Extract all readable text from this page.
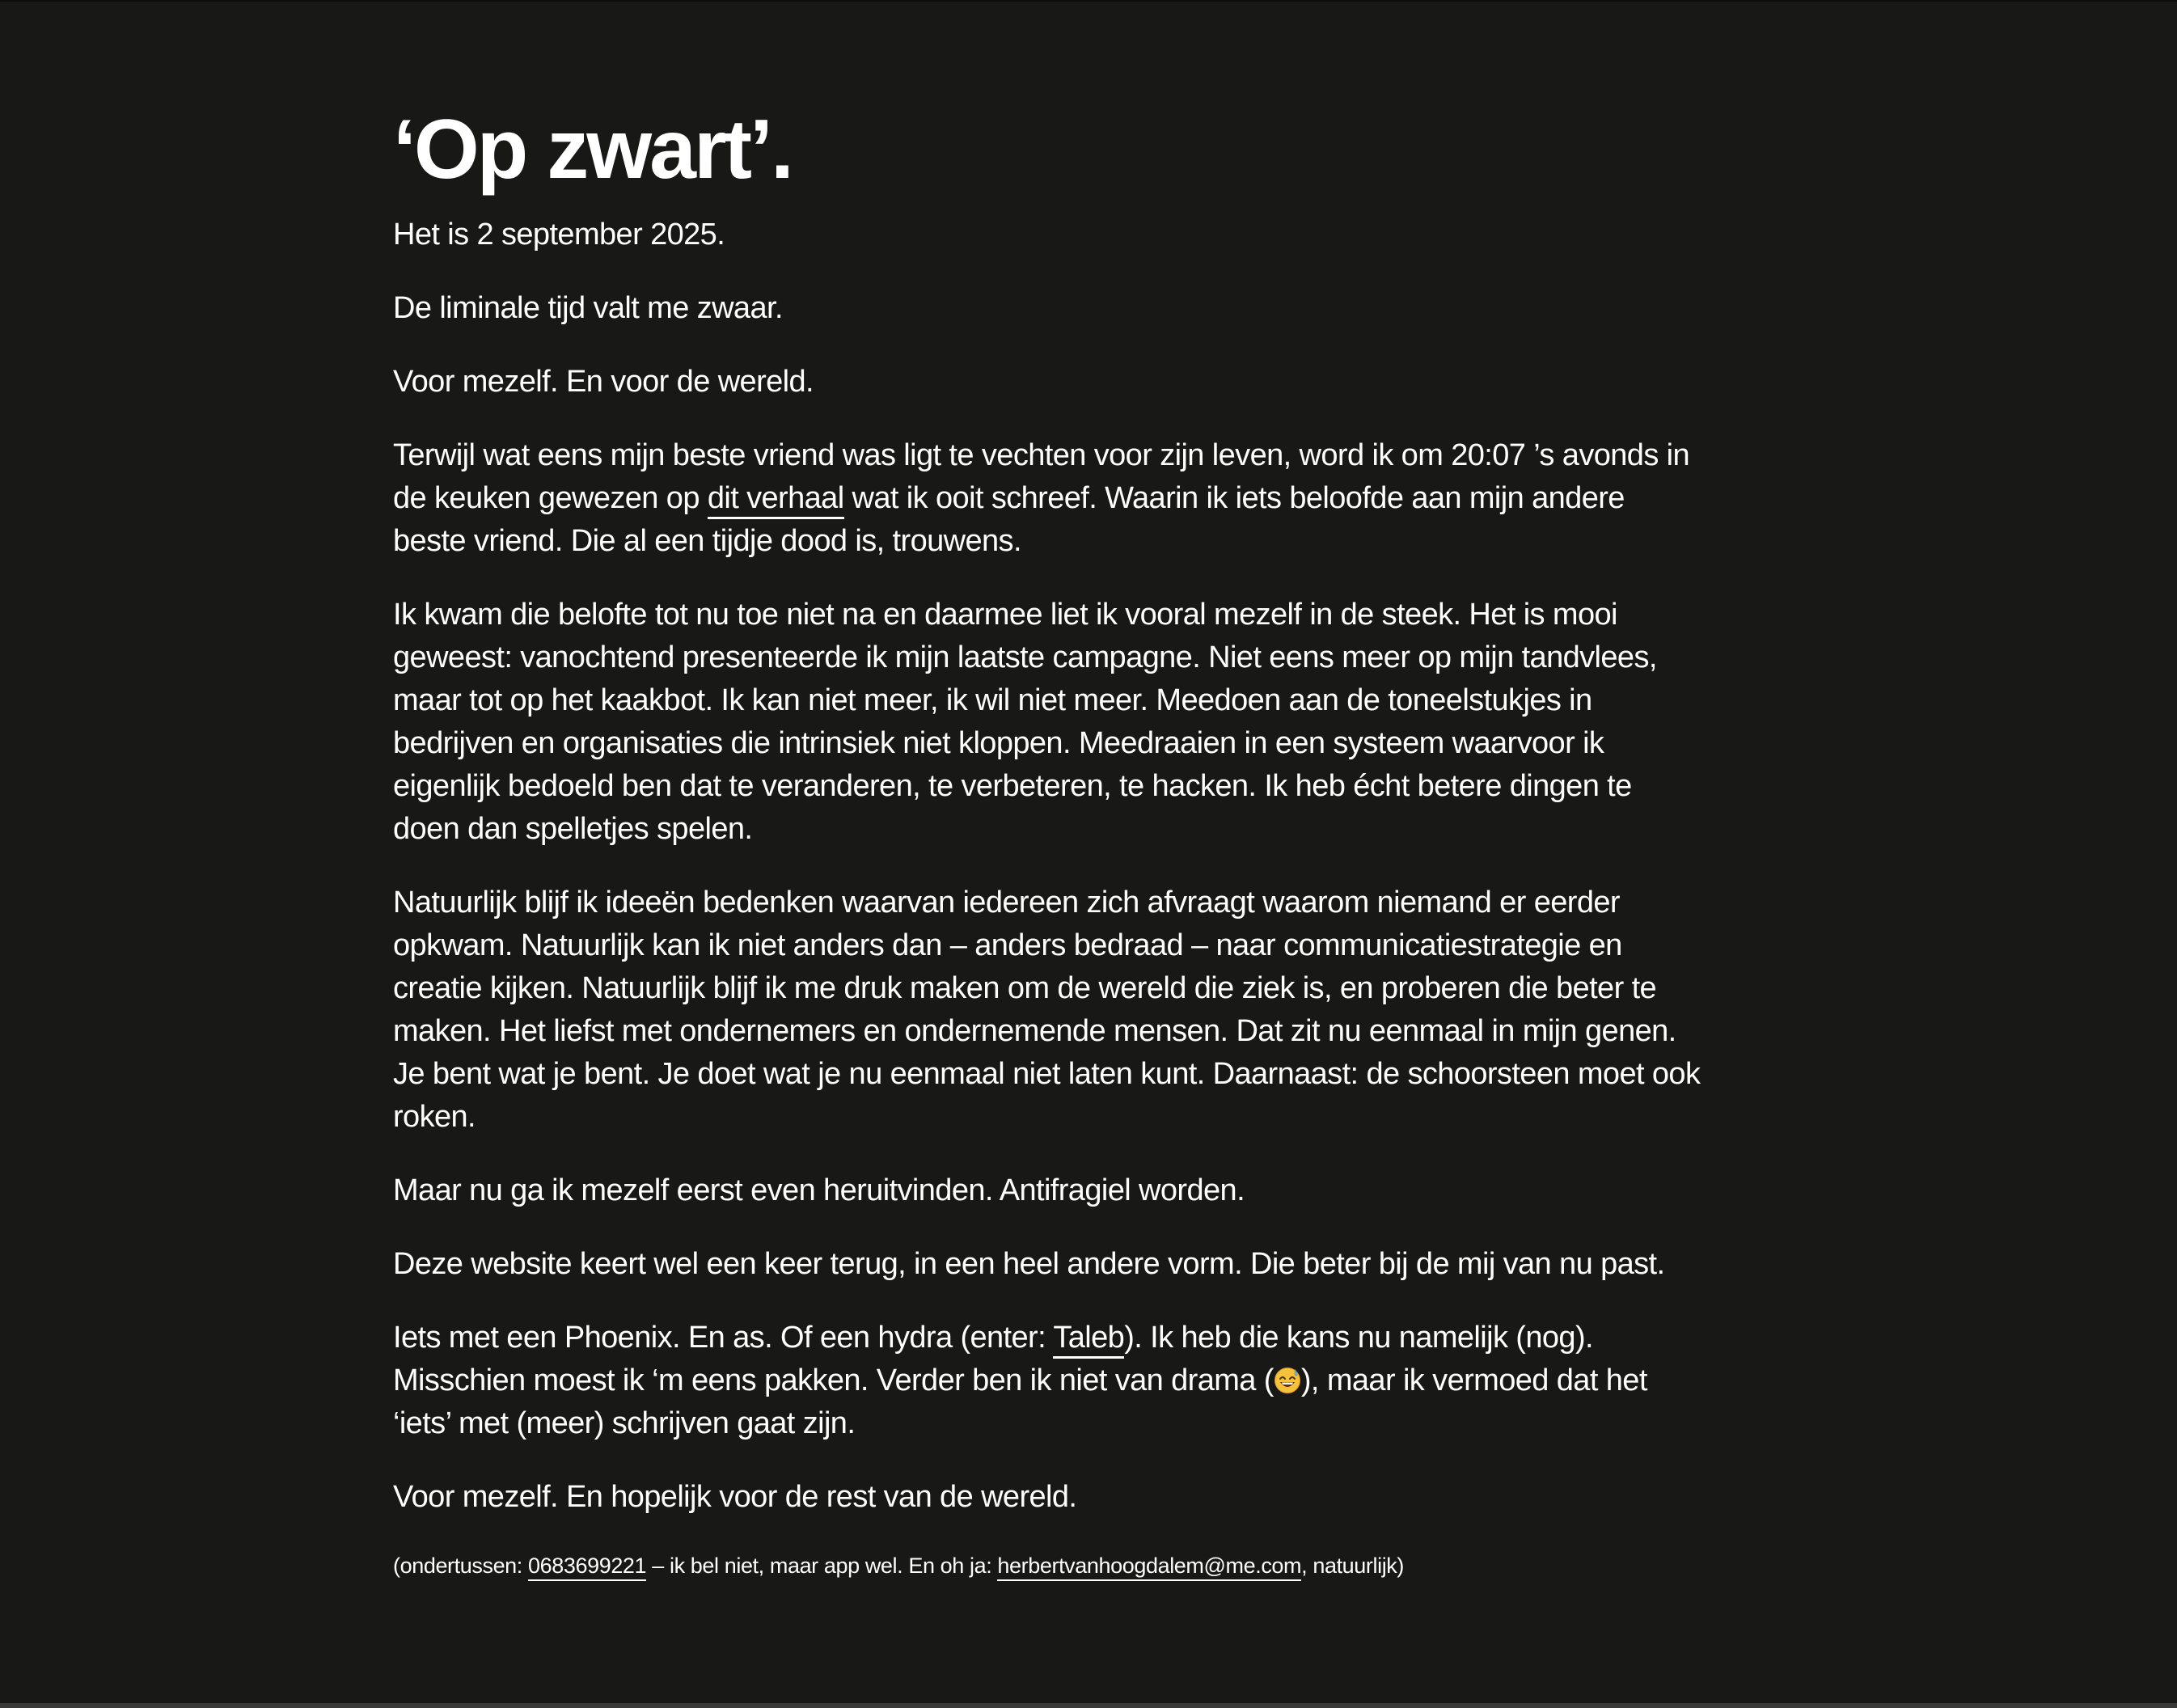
‘Op zwart’.

Het is 2 september 2025.

De liminale tijd valt me zwaar.

Voor mezelf. En voor de wereld.

Terwijl wat eens mijn beste vriend was ligt te vechten voor zijn leven, word ik om 20:07 ’s avonds in de keuken gewezen op dit verhaal wat ik ooit schreef. Waarin ik iets beloofde aan mijn andere beste vriend. Die al een tijdje dood is, trouwens.

Ik kwam die belofte tot nu toe niet na en daarmee liet ik vooral mezelf in de steek. Het is mooi geweest: vanochtend presenteerde ik mijn laatste campagne. Niet eens meer op mijn tandvlees, maar tot op het kaakbot. Ik kan niet meer, ik wil niet meer. Meedoen aan de toneelstukjes in bedrijven en organisaties die intrinsiek niet kloppen. Meedraaien in een systeem waarvoor ik eigenlijk bedoeld ben dat te veranderen, te verbeteren, te hacken. Ik heb écht betere dingen te doen dan spelletjes spelen.

Natuurlijk blijf ik ideeën bedenken waarvan iedereen zich afvraagt waarom niemand er eerder opkwam. Natuurlijk kan ik niet anders dan – anders bedraad – naar communicatiestrategie en creatie kijken. Natuurlijk blijf ik me druk maken om de wereld die ziek is, en proberen die beter te maken. Het liefst met ondernemers en ondernemende mensen. Dat zit nu eenmaal in mijn genen. Je bent wat je bent. Je doet wat je nu eenmaal niet laten kunt. Daarnaast: de schoorsteen moet ook roken.

Maar nu ga ik mezelf eerst even heruitvinden. Antifragiel worden.

Deze website keert wel een keer terug, in een heel andere vorm. Die beter bij de mij van nu past.

Iets met een Phoenix. En as. Of een hydra (enter: Taleb). Ik heb die kans nu namelijk (nog). Misschien moest ik ‘m eens pakken. Verder ben ik niet van drama ( ), maar ik vermoed dat het ‘iets’ met (meer) schrijven gaat zijn.

Voor mezelf. En hopelijk voor de rest van de wereld.

(ondertussen: 0683699221 – ik bel niet, maar app wel. En oh ja: herbertvanhoogdalem@me.com, natuurlijk)
